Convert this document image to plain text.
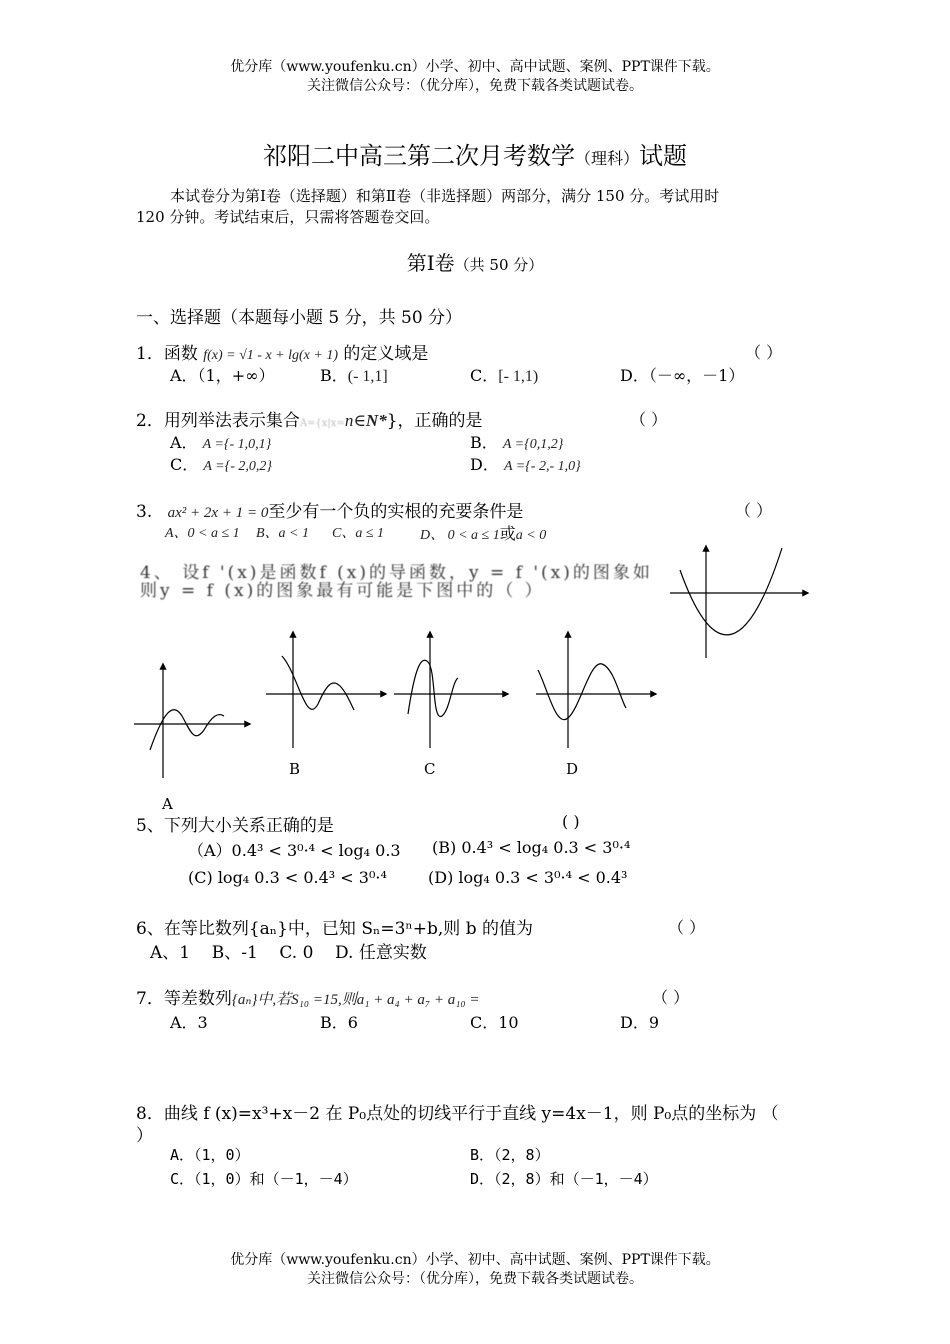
优分库（www.youfenku.cn）小学、初中、高中试题、案例、PPT课件下载。
关注微信公众号：（优分库），免费下载各类试题试卷。
祁阳二中高三第二次月考数学（理科）试题
本试卷分为第Ⅰ卷（选择题）和第Ⅱ卷（非选择题）两部分，满分 150 分。考试用时
120 分钟。考试结束后，只需将答题卷交回。
第Ⅰ卷（共 50 分）
一、选择题（本题每小题 5 分，共 50 分）
1．函数 f(x) = √1 - x + lg(x + 1) 的定义域是	（ ）
A．（1，+∞）	B．(- 1,1]	C．[- 1,1)	D．（－∞，－1）
2．用列举法表示集合A={x|x=n∈N*}，正确的是	（ ）
A． A ={- 1,0,1}	B． A ={0,1,2}
C． A ={- 2,0,2}	D． A ={- 2,- 1,0}
3. ax² + 2x + 1 = 0至少有一个负的实根的充要条件是	（ ）
A、0 < a ≤ 1 B、a < 1 C、a ≤ 1	D、 0 < a ≤ 1或a < 0
4、 设f '(x)是函数f (x)的导函数，y = f '(x)的图象如
则y = f (x)的图象最有可能是下图中的（ ）
B	C	D
A
5、下列大小关系正确的是	( )
（A）0.4³ < 3⁰·⁴ < log₄ 0.3 (B) 0.4³ < log₄ 0.3 < 3⁰·⁴
(C) log₄ 0.3 < 0.4³ < 3⁰·⁴	(D) log₄ 0.3 < 3⁰·⁴ < 0.4³
6、在等比数列{aₙ}中，已知 Sₙ=3ⁿ+b,则 b 的值为	（ ）
A、1    B、-1    C. 0    D. 任意实数
7．等差数列{aₙ}中,若S₁₀ =15,则a₁ + a₄ + a₇ + a₁₀ =	（ ）
A．3	B．6	C．10	D．9
8．曲线 f (x)=x³+x－2 在 P₀点处的切线平行于直线 y=4x－1，则 P₀点的坐标为 （
）
A．（1，0）	B．（2，8）
C．（1，0）和（－1，－4）	D．（2，8）和（－1，－4）
优分库（www.youfenku.cn）小学、初中、高中试题、案例、PPT课件下载。
关注微信公众号：（优分库），免费下载各类试题试卷。
